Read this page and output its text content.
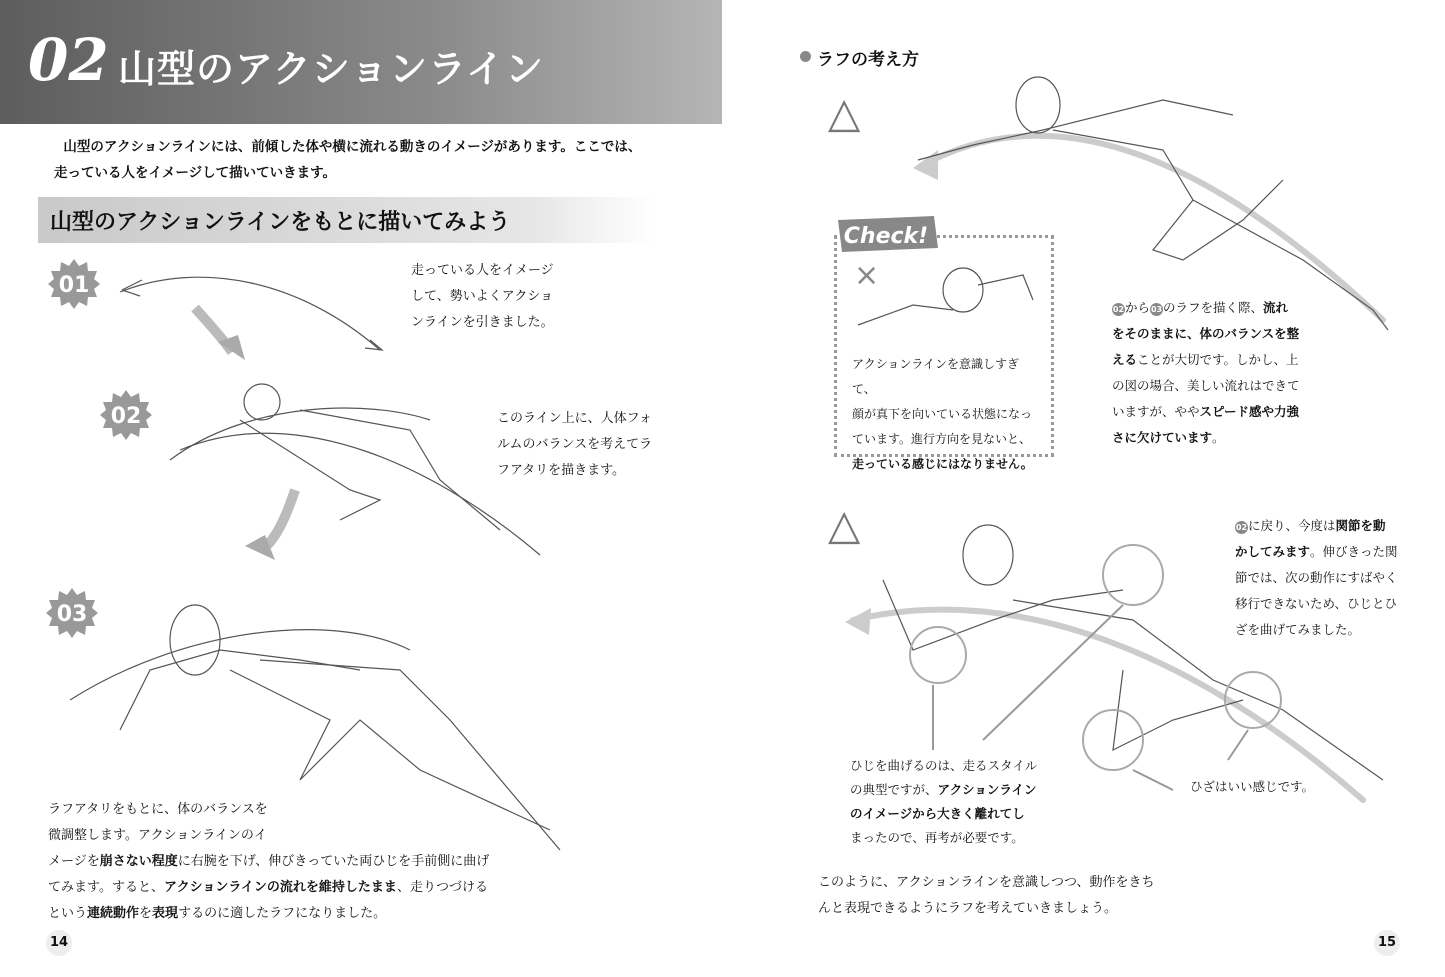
02 山型のアクションライン
山型のアクションラインには、前傾した体や横に流れる動きのイメージがあります。ここでは、
走っている人をイメージして描いていきます。
山型のアクションラインをもとに描いてみよう
01
02
03
走っている人をイメージ
して、勢いよくアクショ
ンラインを引きました。
このライン上に、人体フォ
ルムのバランスを考えてラ
フアタリを描きます。
ラフアタリをもとに、体のバランスを
微調整します。アクションラインのイ
メージを崩さない程度に右腕を下げ、伸びきっていた両ひじを手前側に曲げ
てみます。すると、アクションラインの流れを維持したまま、走りつづける
という連続動作を表現するのに適したラフになりました。
14
ラフの考え方
△
△
Check!
×
アクションラインを意識しすぎて、
顔が真下を向いている状態になっ
ています。進行方向を見ないと、
走っている感じにはなりません。
02から03のラフを描く際、流れ
をそのままに、体のバランスを整
えることが大切です。しかし、上
の図の場合、美しい流れはできて
いますが、ややスピード感や力強
さに欠けています。
02に戻り、今度は関節を動
かしてみます。伸びきった関
節では、次の動作にすばやく
移行できないため、ひじとひ
ざを曲げてみました。
ひじを曲げるのは、走るスタイル
の典型ですが、アクションライン
のイメージから大きく離れてし
まったので、再考が必要です。
ひざはいい感じです。
このように、アクションラインを意識しつつ、動作をきち
んと表現できるようにラフを考えていきましょう。
15
